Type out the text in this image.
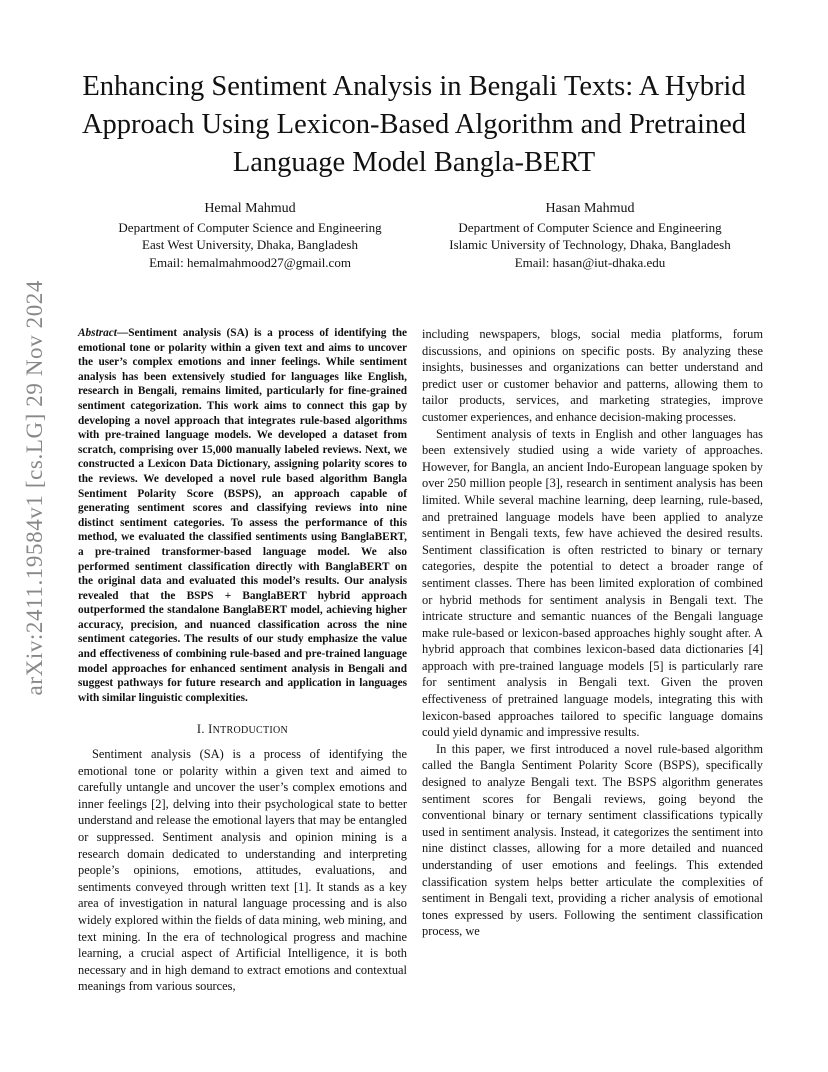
arXiv:2411.19584v1 [cs.LG] 29 Nov 2024
Enhancing Sentiment Analysis in Bengali Texts: A Hybrid Approach Using Lexicon-Based Algorithm and Pretrained Language Model Bangla-BERT
Hemal Mahmud
Department of Computer Science and Engineering
East West University, Dhaka, Bangladesh
Email: hemalmahmood27@gmail.com
Hasan Mahmud
Department of Computer Science and Engineering
Islamic University of Technology, Dhaka, Bangladesh
Email: hasan@iut-dhaka.edu

Abstract—Sentiment analysis (SA) is a process of identifying the emotional tone or polarity within a given text and aims to uncover the user’s complex emotions and inner feelings. While sentiment analysis has been extensively studied for languages like English, research in Bengali, remains limited, particularly for fine-grained sentiment categorization. This work aims to connect this gap by developing a novel approach that integrates rule-based algorithms with pre-trained language models. We developed a dataset from scratch, comprising over 15,000 manually labeled reviews. Next, we constructed a Lexicon Data Dictionary, assigning polarity scores to the reviews. We developed a novel rule based algorithm Bangla Sentiment Polarity Score (BSPS), an approach capable of generating sentiment scores and classifying reviews into nine distinct sentiment categories. To assess the performance of this method, we evaluated the classified sentiments using BanglaBERT, a pre-trained transformer-based language model. We also performed sentiment classification directly with BanglaBERT on the original data and evaluated this model’s results. Our analysis revealed that the BSPS + BanglaBERT hybrid approach outperformed the standalone BanglaBERT model, achieving higher accuracy, precision, and nuanced classification across the nine sentiment categories. The results of our study emphasize the value and effectiveness of combining rule-based and pre-trained language model approaches for enhanced sentiment analysis in Bengali and suggest pathways for future research and application in languages with similar linguistic complexities.

I. INTRODUCTION

Sentiment analysis (SA) is a process of identifying the emotional tone or polarity within a given text and aimed to carefully untangle and uncover the user’s complex emotions and inner feelings [2], delving into their psychological state to better understand and release the emotional layers that may be entangled or suppressed. Sentiment analysis and opinion mining is a research domain dedicated to understanding and interpreting people’s opinions, emotions, attitudes, evaluations, and sentiments conveyed through written text [1]. It stands as a key area of investigation in natural language processing and is also widely explored within the fields of data mining, web mining, and text mining. In the era of technological progress and machine learning, a crucial aspect of Artificial Intelligence, it is both necessary and in high demand to extract emotions and contextual meanings from various sources,

including newspapers, blogs, social media platforms, forum discussions, and opinions on specific posts. By analyzing these insights, businesses and organizations can better understand and predict user or customer behavior and patterns, allowing them to tailor products, services, and marketing strategies, improve customer experiences, and enhance decision-making processes.

Sentiment analysis of texts in English and other languages has been extensively studied using a wide variety of approaches. However, for Bangla, an ancient Indo-European language spoken by over 250 million people [3], research in sentiment analysis has been limited. While several machine learning, deep learning, rule-based, and pretrained language models have been applied to analyze sentiment in Bengali texts, few have achieved the desired results. Sentiment classification is often restricted to binary or ternary categories, despite the potential to detect a broader range of sentiment classes. There has been limited exploration of combined or hybrid methods for sentiment analysis in Bengali text. The intricate structure and semantic nuances of the Bengali language make rule-based or lexicon-based approaches highly sought after. A hybrid approach that combines lexicon-based data dictionaries [4] approach with pre-trained language models [5] is particularly rare for sentiment analysis in Bengali text. Given the proven effectiveness of pretrained language models, integrating this with lexicon-based approaches tailored to specific language domains could yield dynamic and impressive results.

In this paper, we first introduced a novel rule-based algorithm called the Bangla Sentiment Polarity Score (BSPS), specifically designed to analyze Bengali text. The BSPS algorithm generates sentiment scores for Bengali reviews, going beyond the conventional binary or ternary sentiment classifications typically used in sentiment analysis. Instead, it categorizes the sentiment into nine distinct classes, allowing for a more detailed and nuanced understanding of user emotions and feelings. This extended classification system helps better articulate the complexities of sentiment in Bengali text, providing a richer analysis of emotional tones expressed by users. Following the sentiment classification process, we
